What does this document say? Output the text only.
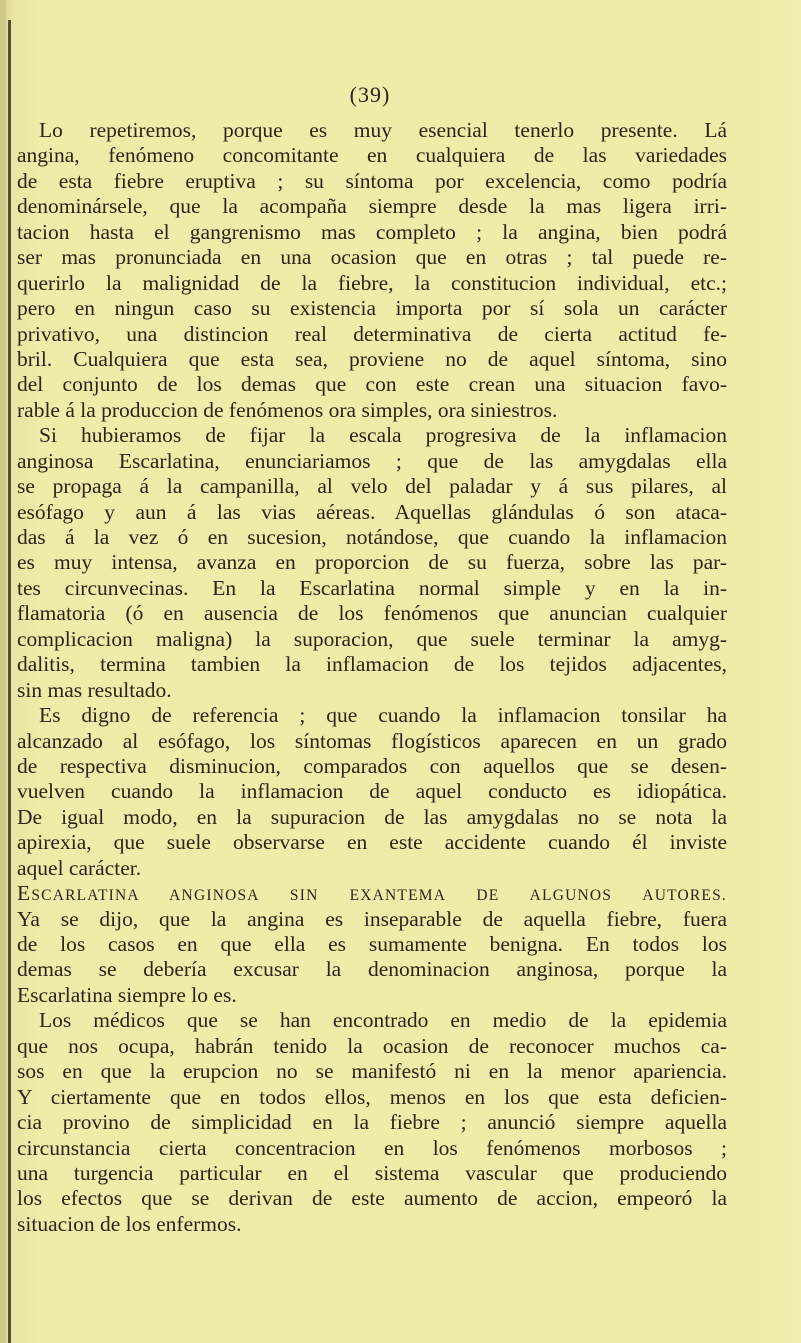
(39)
Lo repetiremos, porque es muy esencial tenerlo presente. Lá
angina, fenómeno concomitante en cualquiera de las variedades
de esta fiebre eruptiva ; su síntoma por excelencia, como podría
denominársele, que la acompaña siempre desde la mas ligera irri-
tacion hasta el gangrenismo mas completo ; la angina, bien podrá
ser mas pronunciada en una ocasion que en otras ; tal puede re-
querirlo la malignidad de la fiebre, la constitucion individual, etc.;
pero en ningun caso su existencia importa por sí sola un carácter
privativo, una distincion real determinativa de cierta actitud fe-
bril. Cualquiera que esta sea, proviene no de aquel síntoma, sino
del conjunto de los demas que con este crean una situacion favo-
rable á la produccion de fenómenos ora simples, ora siniestros.
Si hubieramos de fijar la escala progresiva de la inflamacion
anginosa Escarlatina, enunciariamos ; que de las amygdalas ella
se propaga á la campanilla, al velo del paladar y á sus pilares, al
esófago y aun á las vias aéreas. Aquellas glándulas ó son ataca-
das á la vez ó en sucesion, notándose, que cuando la inflamacion
es muy intensa, avanza en proporcion de su fuerza, sobre las par-
tes circunvecinas. En la Escarlatina normal simple y en la in-
flamatoria (ó en ausencia de los fenómenos que anuncian cualquier
complicacion maligna) la suporacion, que suele terminar la amyg-
dalitis, termina tambien la inflamacion de los tejidos adjacentes,
sin mas resultado.
Es digno de referencia ; que cuando la inflamacion tonsilar ha
alcanzado al esófago, los síntomas flogísticos aparecen en un grado
de respectiva disminucion, comparados con aquellos que se desen-
vuelven cuando la inflamacion de aquel conducto es idiopática.
De igual modo, en la supuracion de las amygdalas no se nota la
apirexia, que suele observarse en este accidente cuando él inviste
aquel carácter.
ESCARLATINA ANGINOSA SIN EXANTEMA DE ALGUNOS AUTORES.
Ya se dijo, que la angina es inseparable de aquella fiebre, fuera
de los casos en que ella es sumamente benigna. En todos los
demas se debería excusar la denominacion anginosa, porque la
Escarlatina siempre lo es.
Los médicos que se han encontrado en medio de la epidemia
que nos ocupa, habrán tenido la ocasion de reconocer muchos ca-
sos en que la erupcion no se manifestó ni en la menor apariencia.
Y ciertamente que en todos ellos, menos en los que esta deficien-
cia provino de simplicidad en la fiebre ; anunció siempre aquella
circunstancia cierta concentracion en los fenómenos morbosos ;
una turgencia particular en el sistema vascular que produciendo
los efectos que se derivan de este aumento de accion, empeoró la
situacion de los enfermos.
